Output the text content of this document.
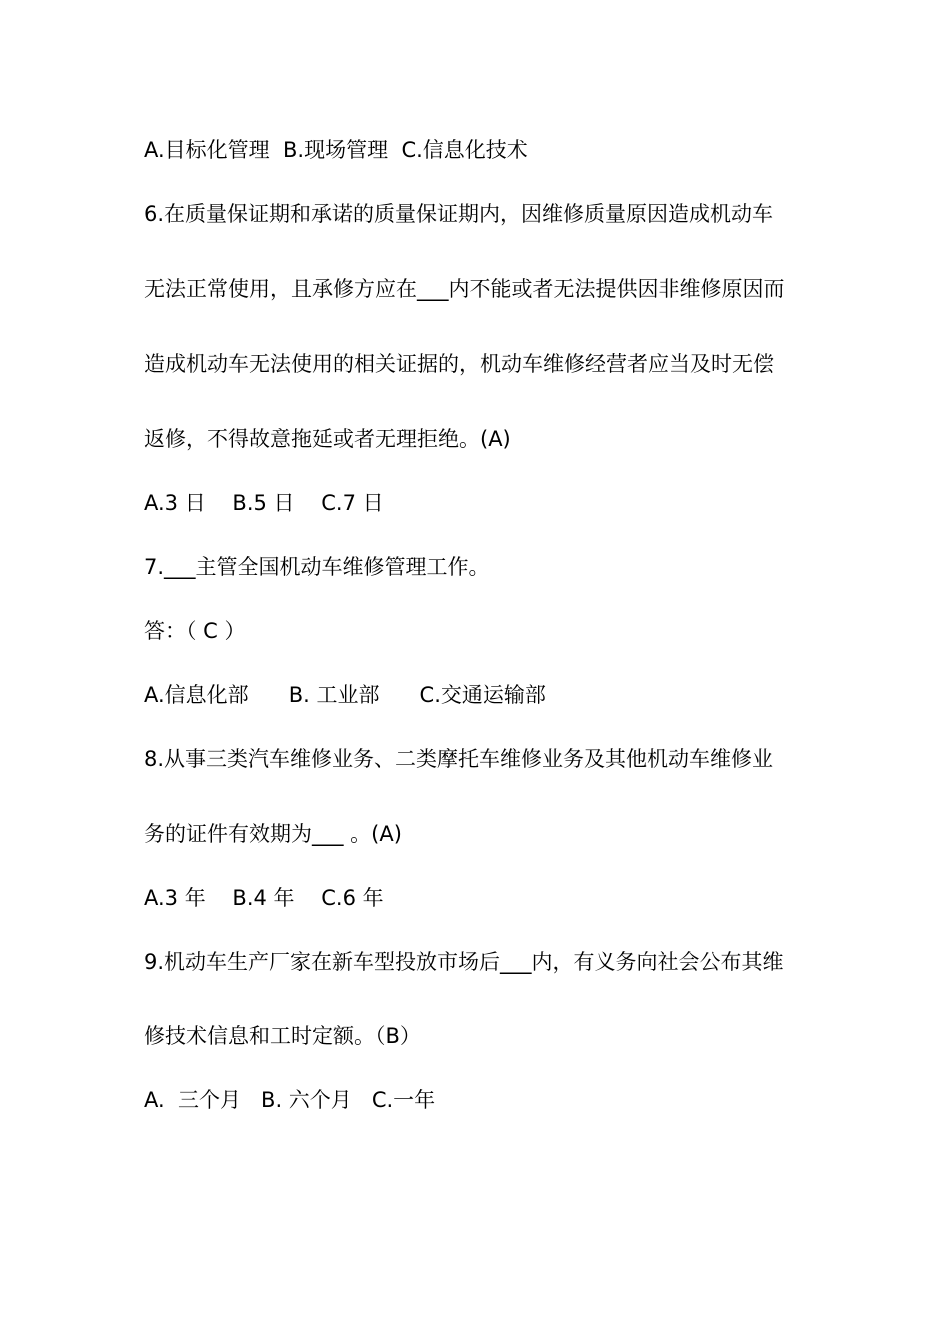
A.目标化管理  B.现场管理  C.信息化技术
6.在质量保证期和承诺的质量保证期内，因维修质量原因造成机动车
无法正常使用，且承修方应在___内不能或者无法提供因非维修原因而
造成机动车无法使用的相关证据的，机动车维修经营者应当及时无偿
返修，不得故意拖延或者无理拒绝。(A)
A.3 日    B.5 日    C.7 日
7.___主管全国机动车维修管理工作。
答：（ C ）
A.信息化部      B. 工业部      C.交通运输部
8.从事三类汽车维修业务、二类摩托车维修业务及其他机动车维修业
务的证件有效期为___ 。(A)
A.3 年    B.4 年    C.6 年
9.机动车生产厂家在新车型投放市场后___内，有义务向社会公布其维
修技术信息和工时定额。（B）
A.  三个月   B. 六个月   C.一年
